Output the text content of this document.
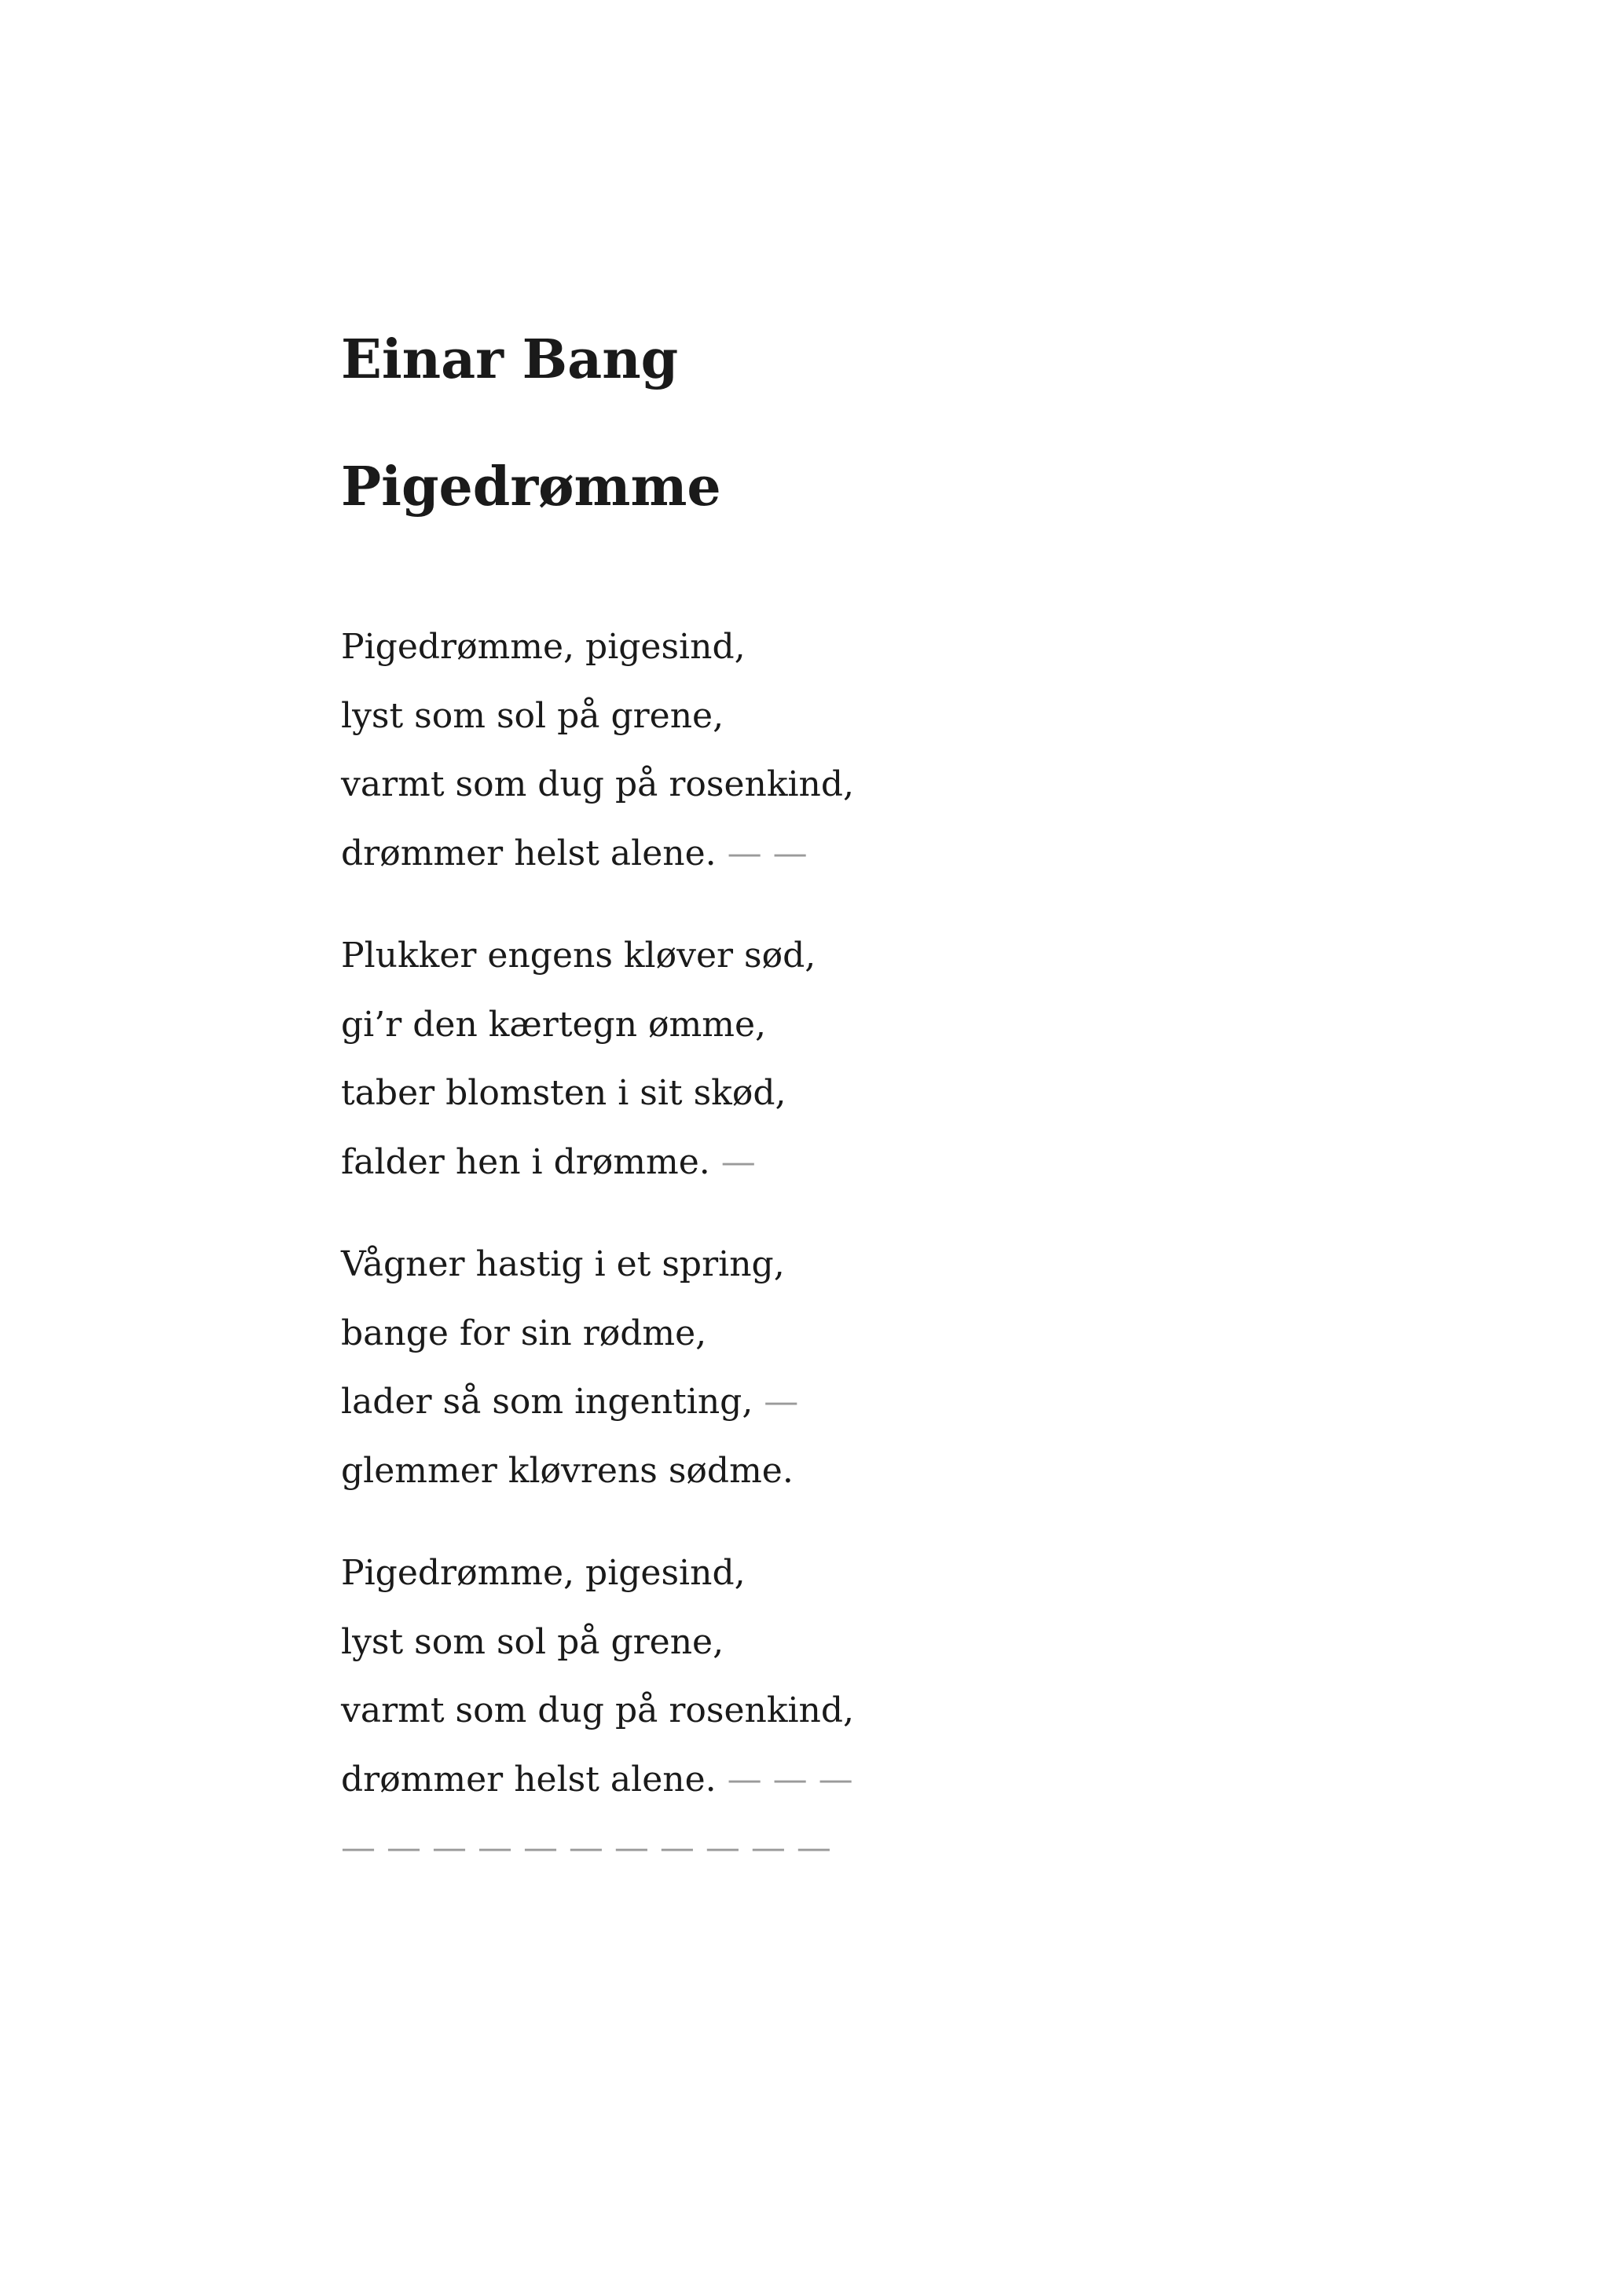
Einar Bang
Pigedrømme
Pigedrømme, pigesind,
lyst som sol på grene,
varmt som dug på rosenkind,
drømmer helst alene. — —
Plukker engens kløver sød,
gi’r den kærtegn ømme,
taber blomsten i sit skød,
falder hen i drømme. —
Vågner hastig i et spring,
bange for sin rødme,
lader så som ingenting, —
glemmer kløvrens sødme.
Pigedrømme, pigesind,
lyst som sol på grene,
varmt som dug på rosenkind,
drømmer helst alene. — — —
— — — — — — — — — — —
